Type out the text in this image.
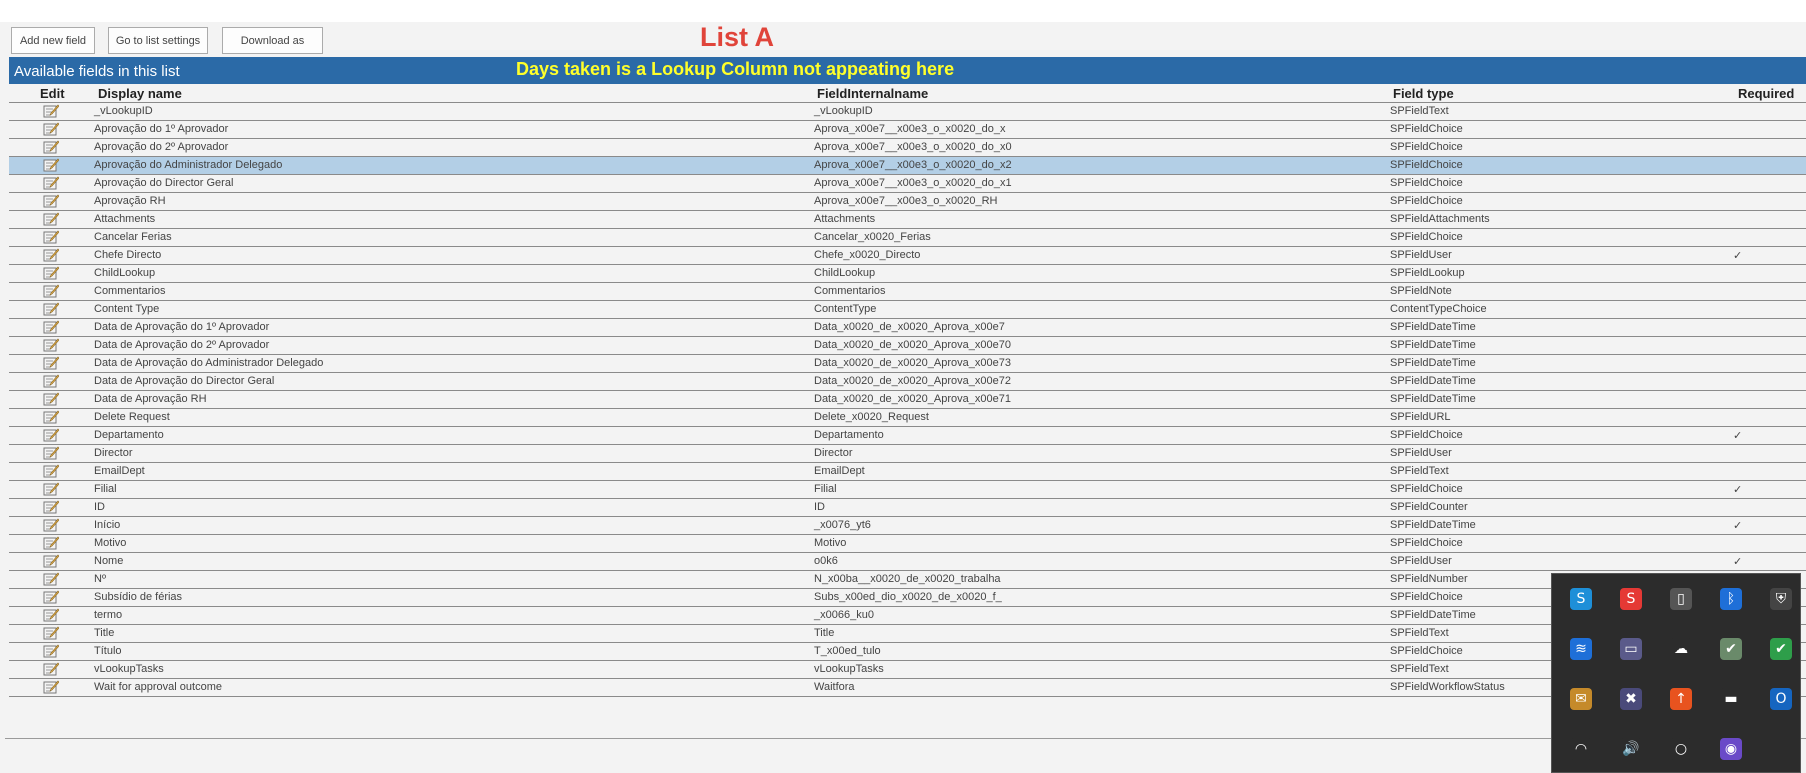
Add new field	Go to list settings	Download as	List A
Available fields in this list	Days taken is a Lookup Column not appeating here
Edit	Display name	FieldInternalname	Field type	Required
_vLookupID	_vLookupID	SPFieldText
Aprovação do 1º Aprovador	Aprova_x00e7__x00e3_o_x0020_do_x	SPFieldChoice
Aprovação do 2º Aprovador	Aprova_x00e7__x00e3_o_x0020_do_x0	SPFieldChoice
Aprovação do Administrador Delegado	Aprova_x00e7__x00e3_o_x0020_do_x2	SPFieldChoice
Aprovação do Director Geral	Aprova_x00e7__x00e3_o_x0020_do_x1	SPFieldChoice
Aprovação RH	Aprova_x00e7__x00e3_o_x0020_RH	SPFieldChoice
Attachments	Attachments	SPFieldAttachments
Cancelar Ferias	Cancelar_x0020_Ferias	SPFieldChoice
Chefe Directo	Chefe_x0020_Directo	SPFieldUser	✓
ChildLookup	ChildLookup	SPFieldLookup
Commentarios	Commentarios	SPFieldNote
Content Type	ContentType	ContentTypeChoice
Data de Aprovação do 1º Aprovador	Data_x0020_de_x0020_Aprova_x00e7	SPFieldDateTime
Data de Aprovação do 2º Aprovador	Data_x0020_de_x0020_Aprova_x00e70	SPFieldDateTime
Data de Aprovação do Administrador Delegado	Data_x0020_de_x0020_Aprova_x00e73	SPFieldDateTime
Data de Aprovação do Director Geral	Data_x0020_de_x0020_Aprova_x00e72	SPFieldDateTime
Data de Aprovação RH	Data_x0020_de_x0020_Aprova_x00e71	SPFieldDateTime
Delete Request	Delete_x0020_Request	SPFieldURL
Departamento	Departamento	SPFieldChoice	✓
Director	Director	SPFieldUser
EmailDept	EmailDept	SPFieldText
Filial	Filial	SPFieldChoice	✓
ID	ID	SPFieldCounter
Início	_x0076_yt6	SPFieldDateTime	✓
Motivo	Motivo	SPFieldChoice
Nome	o0k6	SPFieldUser	✓
Nº	N_x00ba__x0020_de_x0020_trabalha	SPFieldNumber
Subsídio de férias	Subs_x00ed_dio_x0020_de_x0020_f_	SPFieldChoice
termo	_x0066_ku0	SPFieldDateTime
Title	Title	SPFieldText
Título	T_x00ed_tulo	SPFieldChoice
vLookupTasks	vLookupTasks	SPFieldText
Wait for approval outcome	Waitfora	SPFieldWorkflowStatus
S	S	▯	ᛒ	⛨
≋	▭	☁	✔	✔
✉	✖	↑	▬	O
◠	🔊	○	◉
